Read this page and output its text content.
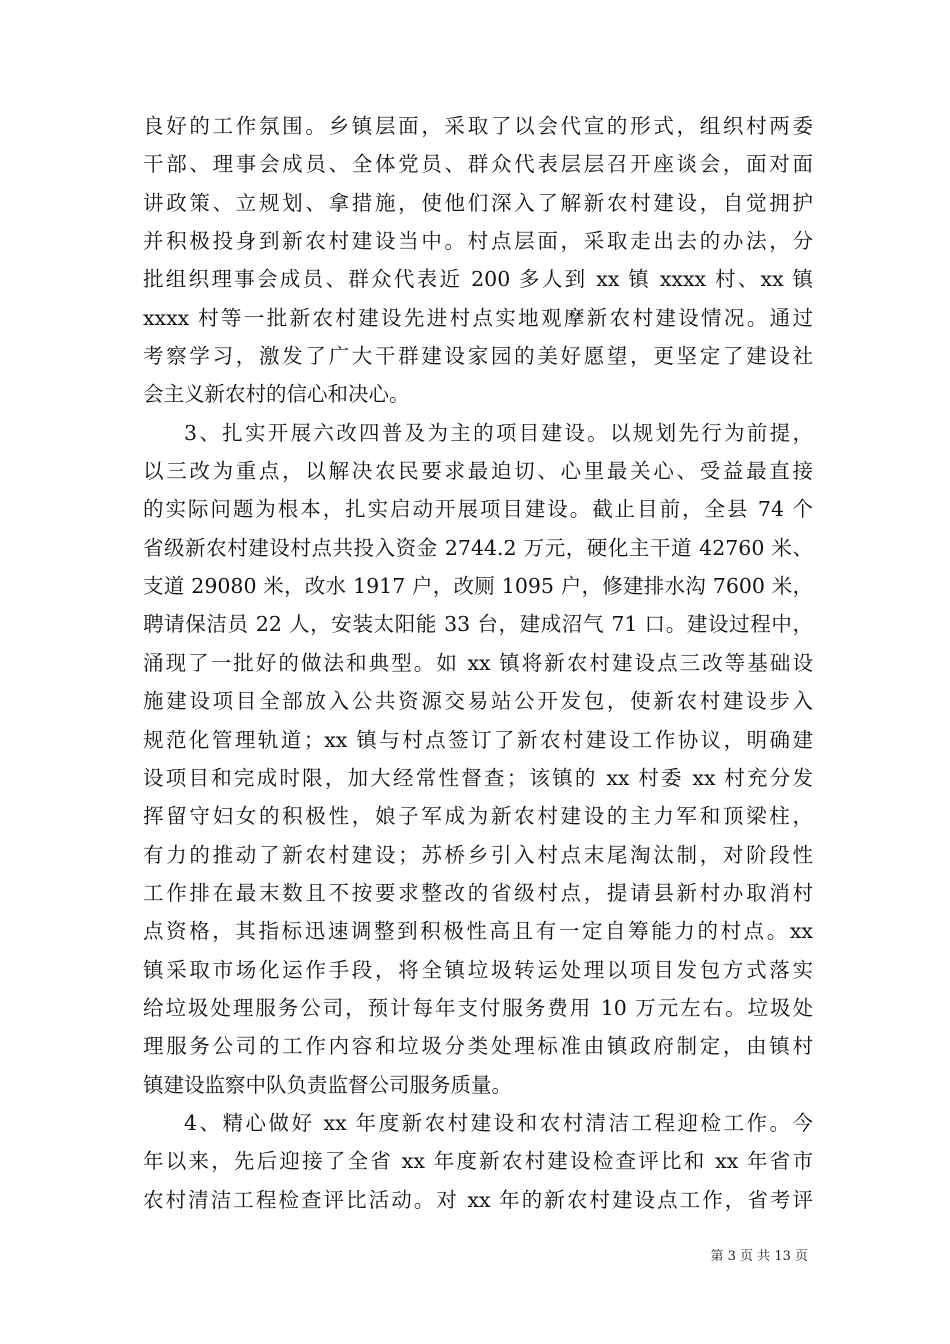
良好的工作氛围。乡镇层面，采取了以会代宣的形式，组织村两委
干部、理事会成员、全体党员、群众代表层层召开座谈会，面对面
讲政策、立规划、拿措施，使他们深入了解新农村建设，自觉拥护
并积极投身到新农村建设当中。村点层面，采取走出去的办法，分
批组织理事会成员、群众代表近 200 多人到 xx 镇 xxxx 村、xx 镇
xxxx 村等一批新农村建设先进村点实地观摩新农村建设情况。通过
考察学习，激发了广大干群建设家园的美好愿望，更坚定了建设社
会主义新农村的信心和决心。
3、扎实开展六改四普及为主的项目建设。以规划先行为前提，
以三改为重点，以解决农民要求最迫切、心里最关心、受益最直接
的实际问题为根本，扎实启动开展项目建设。截止目前，全县 74 个
省级新农村建设村点共投入资金 2744.2 万元，硬化主干道 42760 米、
支道 29080 米，改水 1917 户，改厕 1095 户，修建排水沟 7600 米，
聘请保洁员 22 人，安装太阳能 33 台，建成沼气 71 口。建设过程中，
涌现了一批好的做法和典型。如 xx 镇将新农村建设点三改等基础设
施建设项目全部放入公共资源交易站公开发包，使新农村建设步入
规范化管理轨道；xx 镇与村点签订了新农村建设工作协议，明确建
设项目和完成时限，加大经常性督查；该镇的 xx 村委 xx 村充分发
挥留守妇女的积极性，娘子军成为新农村建设的主力军和顶梁柱，
有力的推动了新农村建设；苏桥乡引入村点末尾淘汰制，对阶段性
工作排在最末数且不按要求整改的省级村点，提请县新村办取消村
点资格，其指标迅速调整到积极性高且有一定自筹能力的村点。xx
镇采取市场化运作手段，将全镇垃圾转运处理以项目发包方式落实
给垃圾处理服务公司，预计每年支付服务费用 10 万元左右。垃圾处
理服务公司的工作内容和垃圾分类处理标准由镇政府制定，由镇村
镇建设监察中队负责监督公司服务质量。
4、精心做好 xx 年度新农村建设和农村清洁工程迎检工作。今
年以来，先后迎接了全省 xx 年度新农村建设检查评比和 xx 年省市
农村清洁工程检查评比活动。对 xx 年的新农村建设点工作，省考评
第 3 页 共 13 页
